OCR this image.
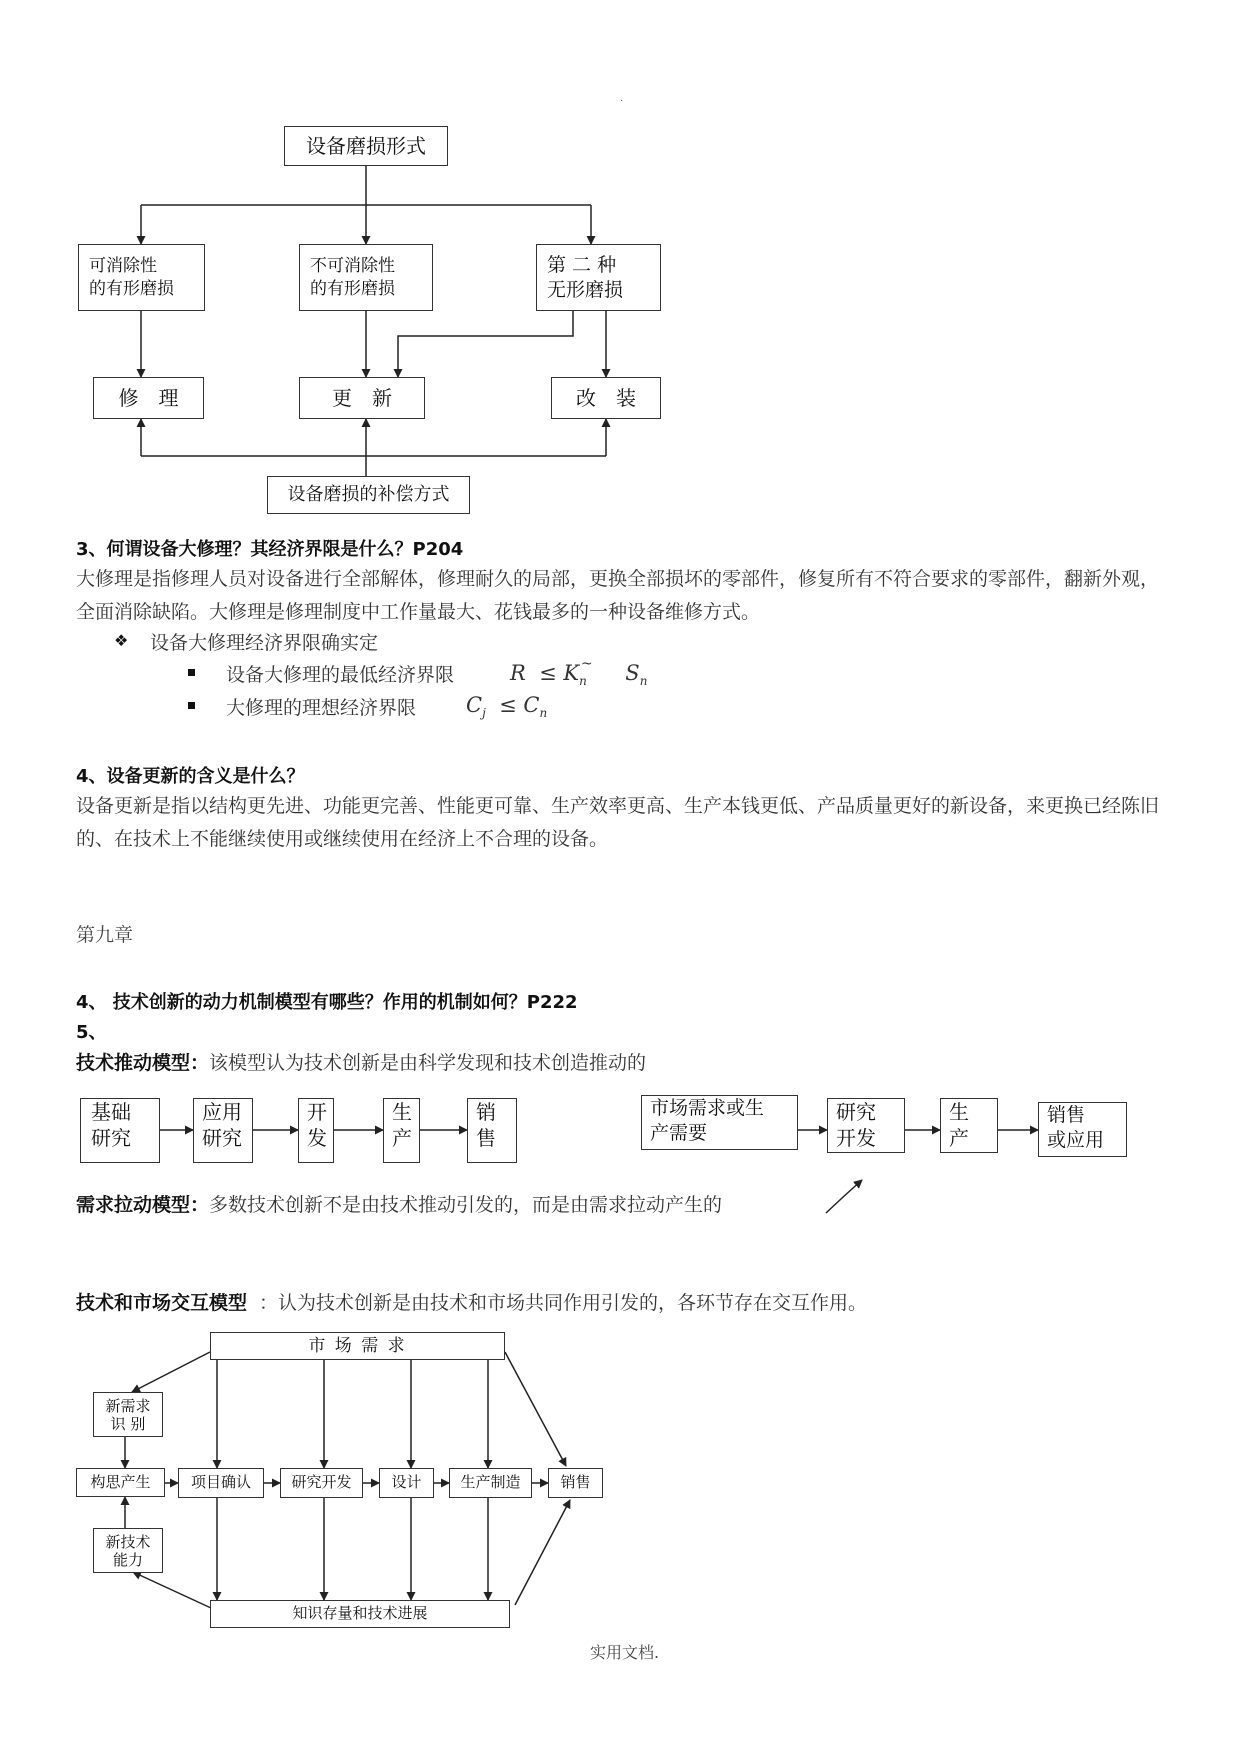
.
设备磨损形式
可消除性
的有形磨损
不可消除性
的有形磨损
第 二 种
无形磨损
修　理	更　新	改　装
设备磨损的补偿方式
3、何谓设备大修理？其经济界限是什么？P204
大修理是指修理人员对设备进行全部解体，修理耐久的局部，更换全部损坏的零部件，修复所有不符合要求的零部件，翻新外观，全面消除缺陷。大修理是修理制度中工作量最大、花钱最多的一种设备维修方式。
❖ 设备大修理经济界限确实定
设备大修理的最低经济界限	$R \le K_n^\sim$    $S_n$
大修理的理想经济界限 $C_j \le C_n$
4、设备更新的含义是什么？
设备更新是指以结构更先进、功能更完善、性能更可靠、生产效率更高、生产本钱更低、产品质量更好的新设备，来更换已经陈旧的、在技术上不能继续使用或继续使用在经济上不合理的设备。
第九章
4、 技术创新的动力机制模型有哪些？作用的机制如何？P222
5、
技术推动模型：该模型认为技术创新是由科学发现和技术创造推动的
基础
研究
应用
研究
开
发
生
产
销
售
市场需求或生
产需要
研究
开发
生
产
销售
或应用
需求拉动模型：多数技术创新不是由技术推动引发的，而是由需求拉动产生的
技术和市场交互模型 ：认为技术创新是由技术和市场共同作用引发的，各环节存在交互作用。
市 场 需 求
新需求
识 别
构思产生
新技术
能力
项目确认	研究开发	设计	生产制造	销售
知识存量和技术进展
实用文档.
